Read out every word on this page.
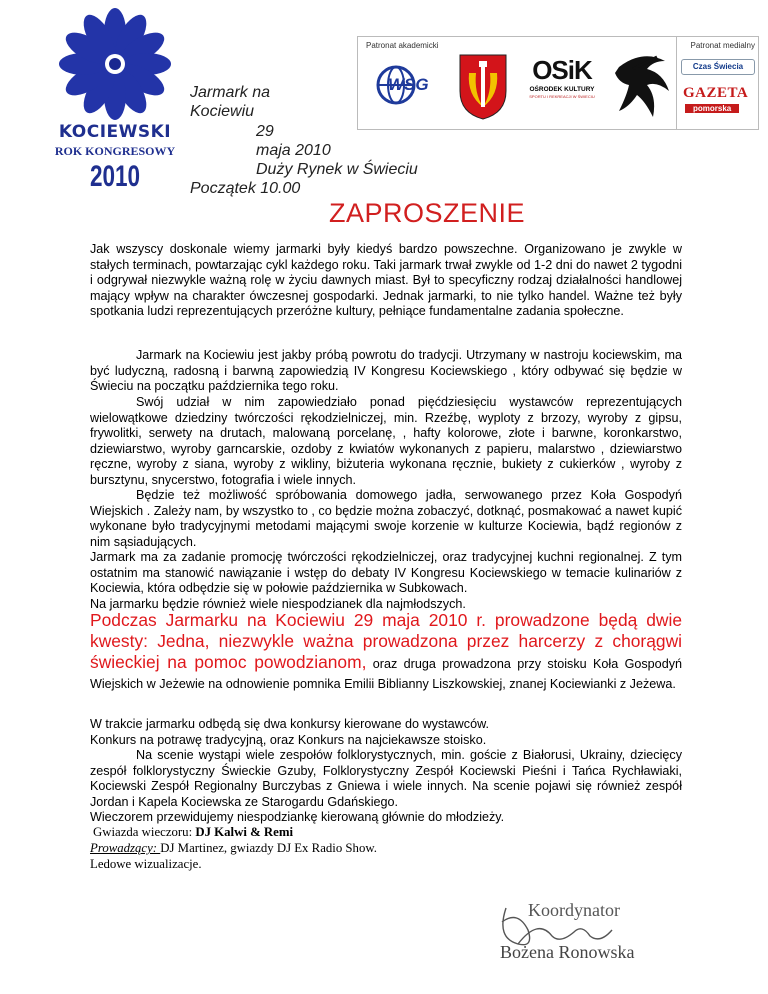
KOCIEWSKI
ROK KONGRESOWY
2010
Jarmark na
Kociewiu
29
maja 2010
Duży Rynek w Świeciu
Początek 10.00
Patronat akademicki
WSG	OSiK
OŚRODEK KULTURY
SPORTU I REKREACJI W ŚWIECIU
Patronat medialny
Czas Świecia
GAZETA
pomorska
ZAPROSZENIE
Jak wszyscy doskonale wiemy jarmarki były kiedyś bardzo powszechne. Organizowano je zwykle w stałych terminach, powtarzając cykl każdego roku. Taki jarmark trwał zwykle od 1-2 dni do nawet 2 tygodni i odgrywał niezwykle ważną rolę w życiu dawnych miast. Był to specyficzny rodzaj działalności handlowej mający wpływ na charakter ówczesnej gospodarki. Jednak jarmarki, to nie tylko handel. Ważne też były spotkania ludzi reprezentujących przeróżne kultury, pełniące fundamentalne zadania społeczne.
Jarmark na Kociewiu jest jakby próbą powrotu do tradycji. Utrzymany w nastroju kociewskim, ma być ludyczną, radosną i barwną zapowiedzią IV Kongresu Kociewskiego , który odbywać się będzie w Świeciu na początku października tego roku.
Swój udział w nim zapowiedziało ponad pięćdziesięciu wystawców reprezentujących wielowątkowe dziedziny twórczości rękodzielniczej, min. Rzeźbę, wyploty z brzozy, wyroby z gipsu, frywolitki, serwety na drutach, malowaną porcelanę, , hafty kolorowe, złote i barwne, koronkarstwo, dziewiarstwo, wyroby garncarskie, ozdoby z kwiatów wykonanych z papieru, malarstwo , dziewiarstwo ręczne, wyroby z siana, wyroby z wikliny, biżuteria wykonana ręcznie, bukiety z cukierków , wyroby z bursztynu, snycerstwo, fotografia i wiele innych.
Będzie też możliwość spróbowania domowego jadła, serwowanego przez Koła Gospodyń Wiejskich . Zależy nam, by wszystko to , co będzie można zobaczyć, dotknąć, posmakować a nawet kupić wykonane było tradycyjnymi metodami mającymi swoje korzenie w kulturze Kociewia, bądź regionów z nim sąsiadujących.
Jarmark ma za zadanie promocję twórczości rękodzielniczej, oraz tradycyjnej kuchni regionalnej. Z tym ostatnim ma stanowić nawiązanie i wstęp do debaty IV Kongresu Kociewskiego w temacie kulinariów z Kociewia, która odbędzie się w połowie października w Subkowach.
Na jarmarku będzie również wiele niespodzianek dla najmłodszych.
Podczas Jarmarku na Kociewiu 29 maja 2010 r. prowadzone będą dwie kwesty: Jedna, niezwykle ważna prowadzona przez harcerzy z chorągwi świeckiej na pomoc powodzianom, oraz druga prowadzona przy stoisku Koła Gospodyń Wiejskich w Jeżewie na odnowienie pomnika Emilii Biblianny Liszkowskiej, znanej Kociewianki z Jeżewa.
W trakcie jarmarku odbędą się dwa konkursy kierowane do wystawców.
Konkurs na potrawę tradycyjną, oraz Konkurs na najciekawsze stoisko.
Na scenie wystąpi wiele zespołów folklorystycznych, min. goście z Białorusi, Ukrainy, dziecięcy zespół folklorystyczny Świeckie Gzuby, Folklorystyczny Zespół Kociewski Pieśni i Tańca Rychławiaki, Kociewski Zespół Regionalny Burczybas z Gniewa i wiele innych. Na scenie pojawi się również zespół Jordan i Kapela Kociewska ze Starogardu Gdańskiego.
Wieczorem przewidujemy niespodziankę kierowaną głównie do młodzieży.
Gwiazda wieczoru: DJ Kalwi & Remi
Prowadzący: DJ Martinez, gwiazdy DJ Ex Radio Show.
Ledowe wizualizacje.
Koordynator
Bożena Ronowska
